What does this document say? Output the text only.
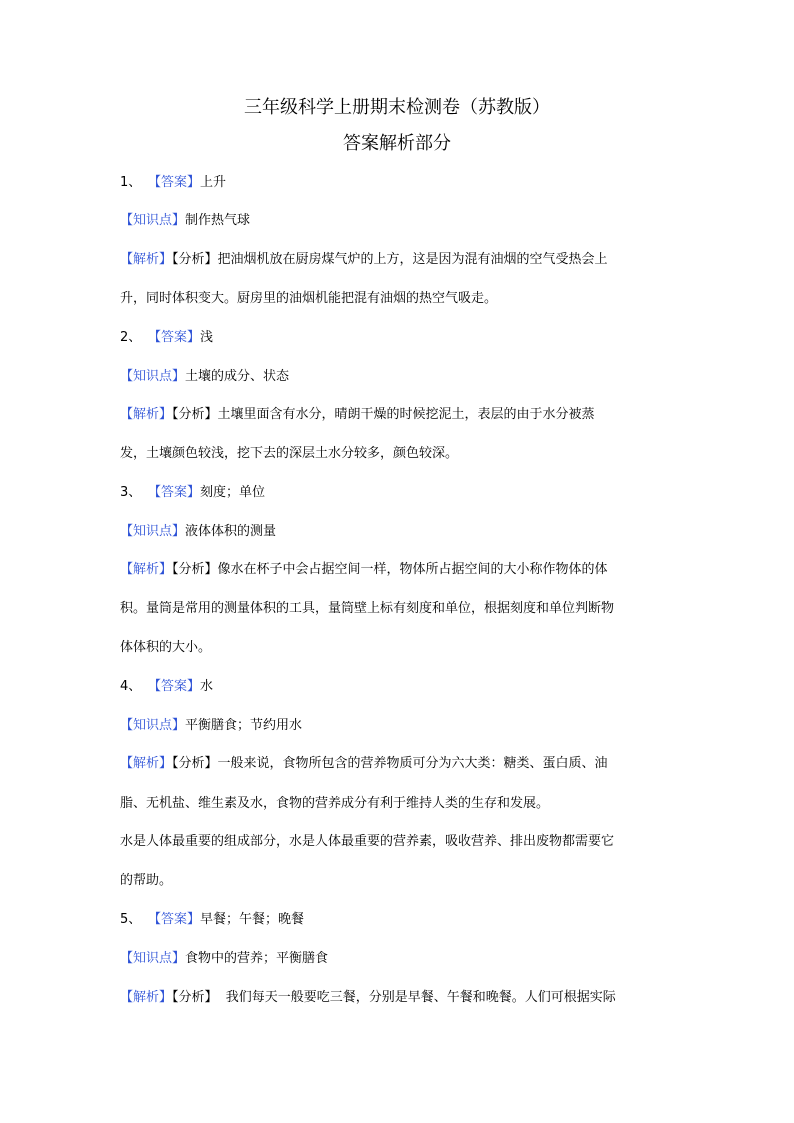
三年级科学上册期末检测卷（苏教版）
答案解析部分
1、 【答案】上升
【知识点】制作热气球
【解析】【分析】把油烟机放在厨房煤气炉的上方，这是因为混有油烟的空气受热会上
升，同时体积变大。厨房里的油烟机能把混有油烟的热空气吸走。
2、 【答案】浅
【知识点】土壤的成分、状态
【解析】【分析】土壤里面含有水分，晴朗干燥的时候挖泥土，表层的由于水分被蒸
发，土壤颜色较浅，挖下去的深层土水分较多，颜色较深。
3、 【答案】刻度；单位
【知识点】液体体积的测量
【解析】【分析】像水在杯子中会占据空间一样，物体所占据空间的大小称作物体的体
积。量筒是常用的测量体积的工具，量筒壁上标有刻度和单位，根据刻度和单位判断物
体体积的大小。
4、 【答案】水
【知识点】平衡膳食；节约用水
【解析】【分析】一般来说，食物所包含的营养物质可分为六大类：糖类、蛋白质、油
脂、无机盐、维生素及水，食物的营养成分有利于维持人类的生存和发展。
水是人体最重要的组成部分，水是人体最重要的营养素，吸收营养、排出废物都需要它
的帮助。
5、 【答案】早餐；午餐；晚餐
【知识点】食物中的营养；平衡膳食
【解析】【分析】 我们每天一般要吃三餐，分别是早餐、午餐和晚餐。人们可根据实际
